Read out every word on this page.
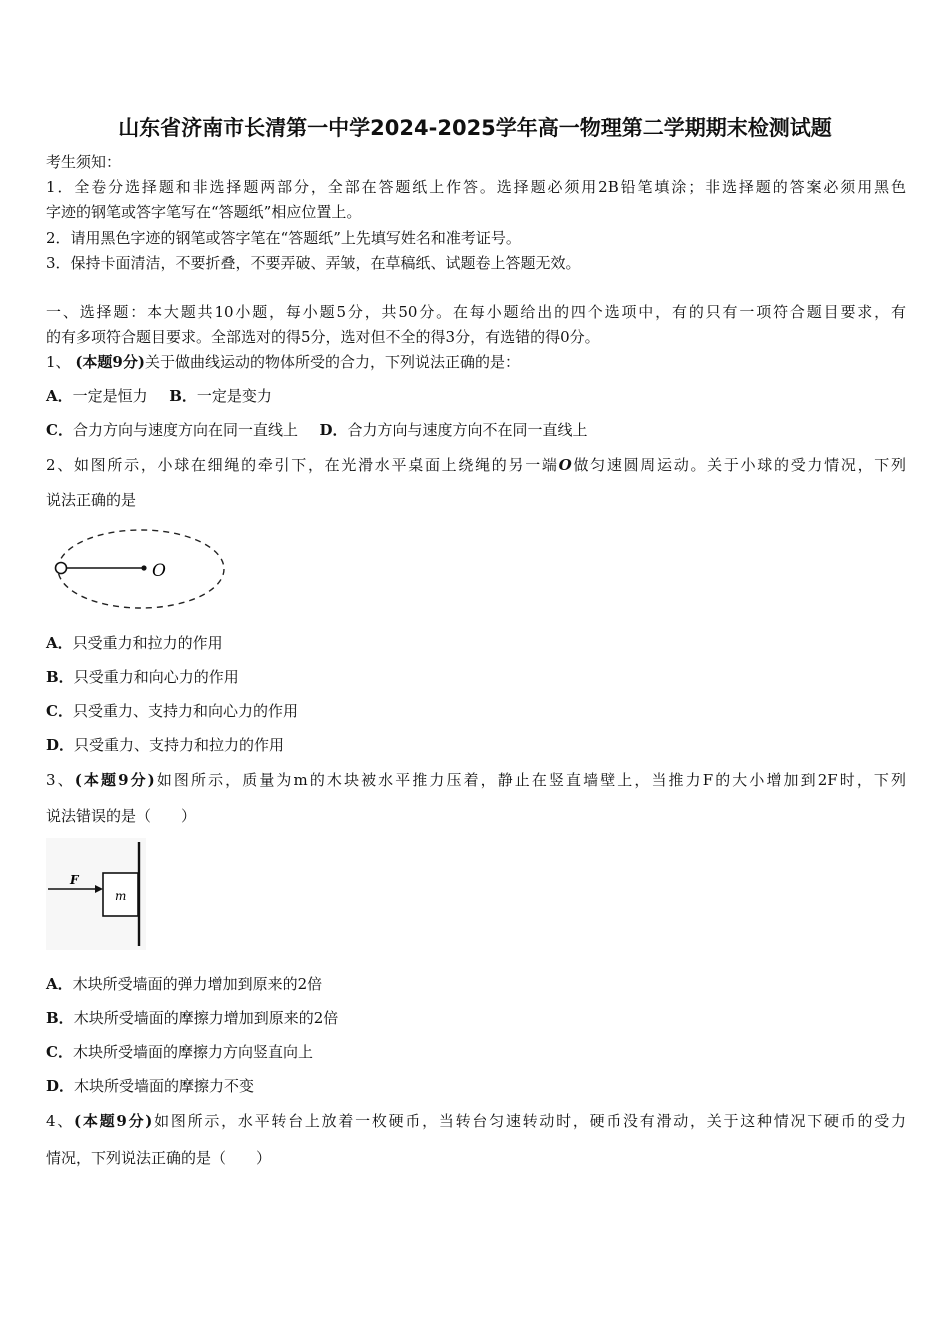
山东省济南市长清第一中学2024-2025学年高一物理第二学期期末检测试题
考生须知：
1．全卷分选择题和非选择题两部分，全部在答题纸上作答。选择题必须用2B铅笔填涂；非选择题的答案必须用黑色
字迹的钢笔或答字笔写在“答题纸”相应位置上。
2．请用黑色字迹的钢笔或答字笔在“答题纸”上先填写姓名和准考证号。
3．保持卡面清洁，不要折叠，不要弄破、弄皱，在草稿纸、试题卷上答题无效。
一、选择题：本大题共10小题，每小题5分，共50分。在每小题给出的四个选项中，有的只有一项符合题目要求，有
的有多项符合题目要求。全部选对的得5分，选对但不全的得3分，有选错的得0分。
1、 (本题9分)关于做曲线运动的物体所受的合力，下列说法正确的是：
A．一定是恒力 B．一定是变力
C．合力方向与速度方向在同一直线上 D．合力方向与速度方向不在同一直线上
2、如图所示，小球在细绳的牵引下，在光滑水平桌面上绕绳的另一端O做匀速圆周运动。关于小球的受力情况，下列
说法正确的是
O
A．只受重力和拉力的作用
B．只受重力和向心力的作用
C．只受重力、支持力和向心力的作用
D．只受重力、支持力和拉力的作用
3、(本题9分)如图所示，质量为m的木块被水平推力压着，静止在竖直墙壁上，当推力F的大小增加到2F时，下列
说法错误的是（　　）
m
F
A．木块所受墙面的弹力增加到原来的2倍
B．木块所受墙面的摩擦力增加到原来的2倍
C．木块所受墙面的摩擦力方向竖直向上
D．木块所受墙面的摩擦力不变
4、(本题9分)如图所示，水平转台上放着一枚硬币，当转台匀速转动时，硬币没有滑动，关于这种情况下硬币的受力
情况，下列说法正确的是（　　）
